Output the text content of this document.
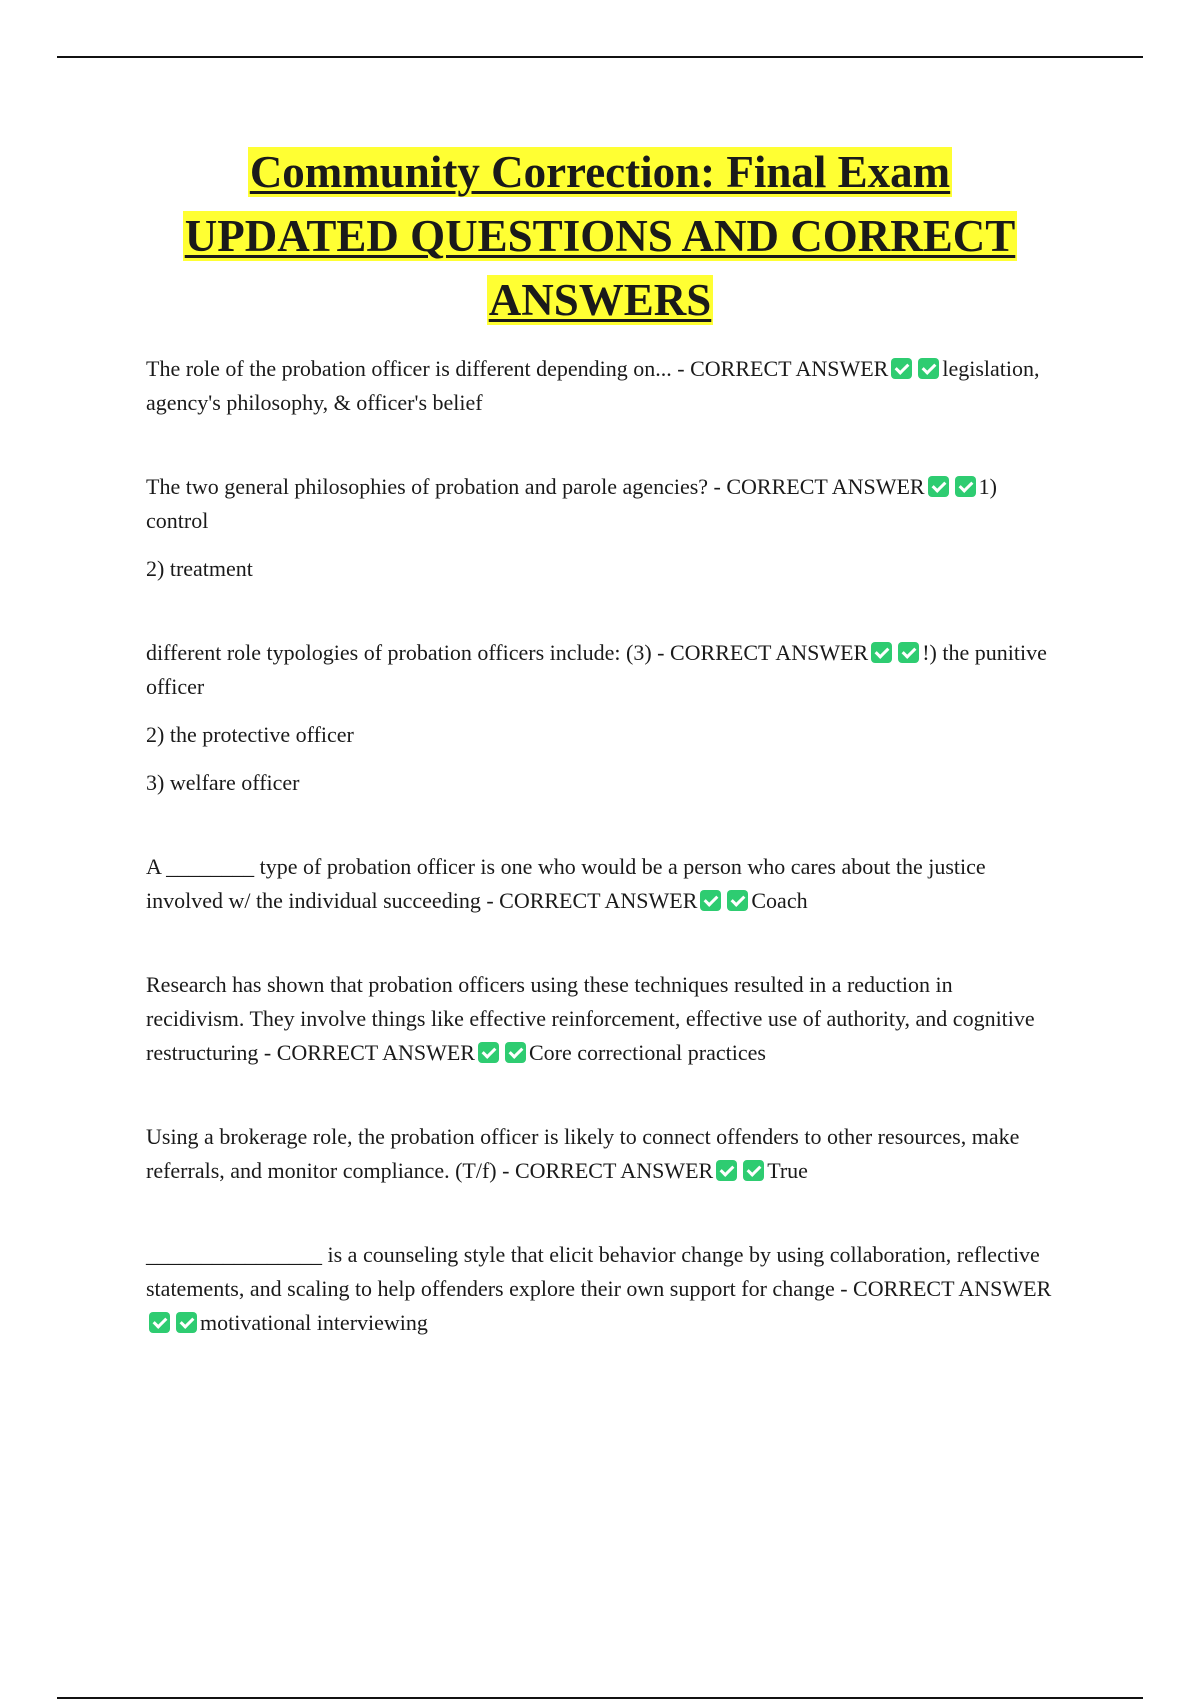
Community Correction: Final Exam
UPDATED QUESTIONS AND CORRECT
ANSWERS

The role of the probation officer is different depending on... - CORRECT ANSWER legislation, agency's philosophy, & officer's belief

The two general philosophies of probation and parole agencies? - CORRECT ANSWER 1) control

2) treatment

different role typologies of probation officers include: (3) - CORRECT ANSWER !) the punitive officer

2) the protective officer

3) welfare officer

A ________ type of probation officer is one who would be a person who cares about the justice involved w/ the individual succeeding - CORRECT ANSWER Coach

Research has shown that probation officers using these techniques resulted in a reduction in recidivism. They involve things like effective reinforcement, effective use of authority, and cognitive restructuring - CORRECT ANSWER Core correctional practices

Using a brokerage role, the probation officer is likely to connect offenders to other resources, make referrals, and monitor compliance. (T/f) - CORRECT ANSWER True

________________ is a counseling style that elicit behavior change by using collaboration, reflective statements, and scaling to help offenders explore their own support for change - CORRECT ANSWERmotivational interviewing
